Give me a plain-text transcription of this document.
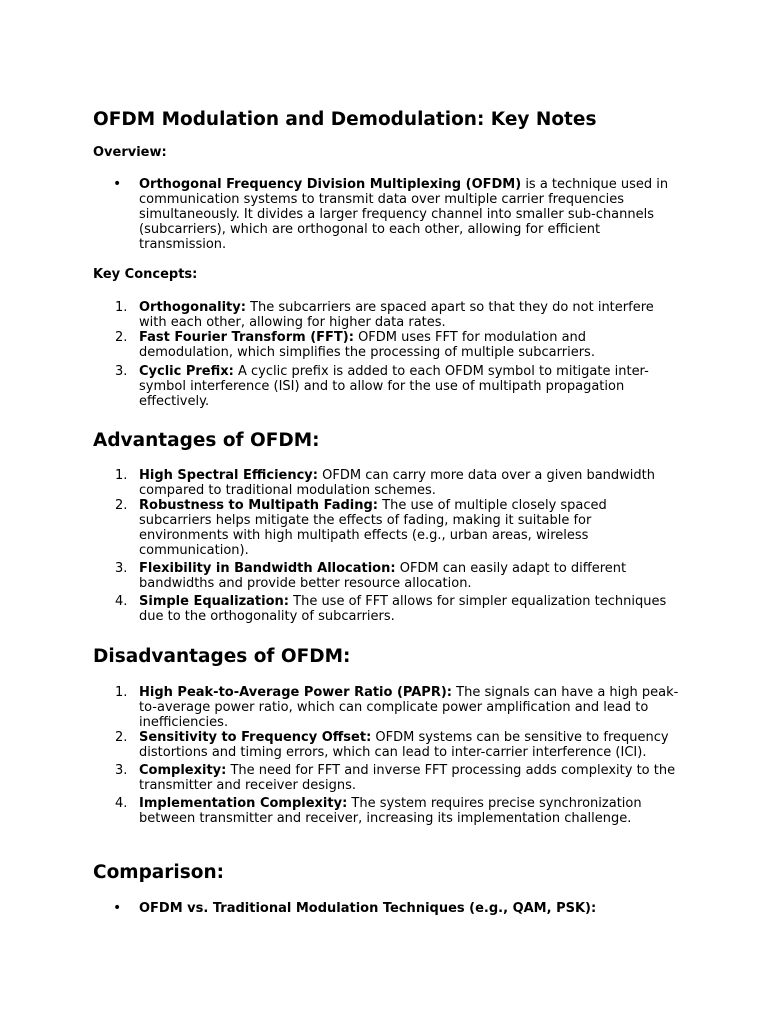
OFDM Modulation and Demodulation: Key Notes
Overview:
•	Orthogonal Frequency Division Multiplexing (OFDM) is a technique used in communication systems to transmit data over multiple carrier frequencies simultaneously. It divides a larger frequency channel into smaller sub-channels (subcarriers), which are orthogonal to each other, allowing for efficient transmission.
Key Concepts:
1. Orthogonality: The subcarriers are spaced apart so that they do not interfere with each other, allowing for higher data rates.
2. Fast Fourier Transform (FFT): OFDM uses FFT for modulation and demodulation, which simplifies the processing of multiple subcarriers.
3. Cyclic Prefix: A cyclic prefix is added to each OFDM symbol to mitigate inter-symbol interference (ISI) and to allow for the use of multipath propagation effectively.
Advantages of OFDM:
1. High Spectral Efficiency: OFDM can carry more data over a given bandwidth compared to traditional modulation schemes.
2. Robustness to Multipath Fading: The use of multiple closely spaced subcarriers helps mitigate the effects of fading, making it suitable for environments with high multipath effects (e.g., urban areas, wireless communication).
3. Flexibility in Bandwidth Allocation: OFDM can easily adapt to different bandwidths and provide better resource allocation.
4. Simple Equalization: The use of FFT allows for simpler equalization techniques due to the orthogonality of subcarriers.
Disadvantages of OFDM:
1. High Peak-to-Average Power Ratio (PAPR): The signals can have a high peak-to-average power ratio, which can complicate power amplification and lead to inefficiencies.
2. Sensitivity to Frequency Offset: OFDM systems can be sensitive to frequency distortions and timing errors, which can lead to inter-carrier interference (ICI).
3. Complexity: The need for FFT and inverse FFT processing adds complexity to the transmitter and receiver designs.
4. Implementation Complexity: The system requires precise synchronization between transmitter and receiver, increasing its implementation challenge.
Comparison:
•	OFDM vs. Traditional Modulation Techniques (e.g., QAM, PSK):
